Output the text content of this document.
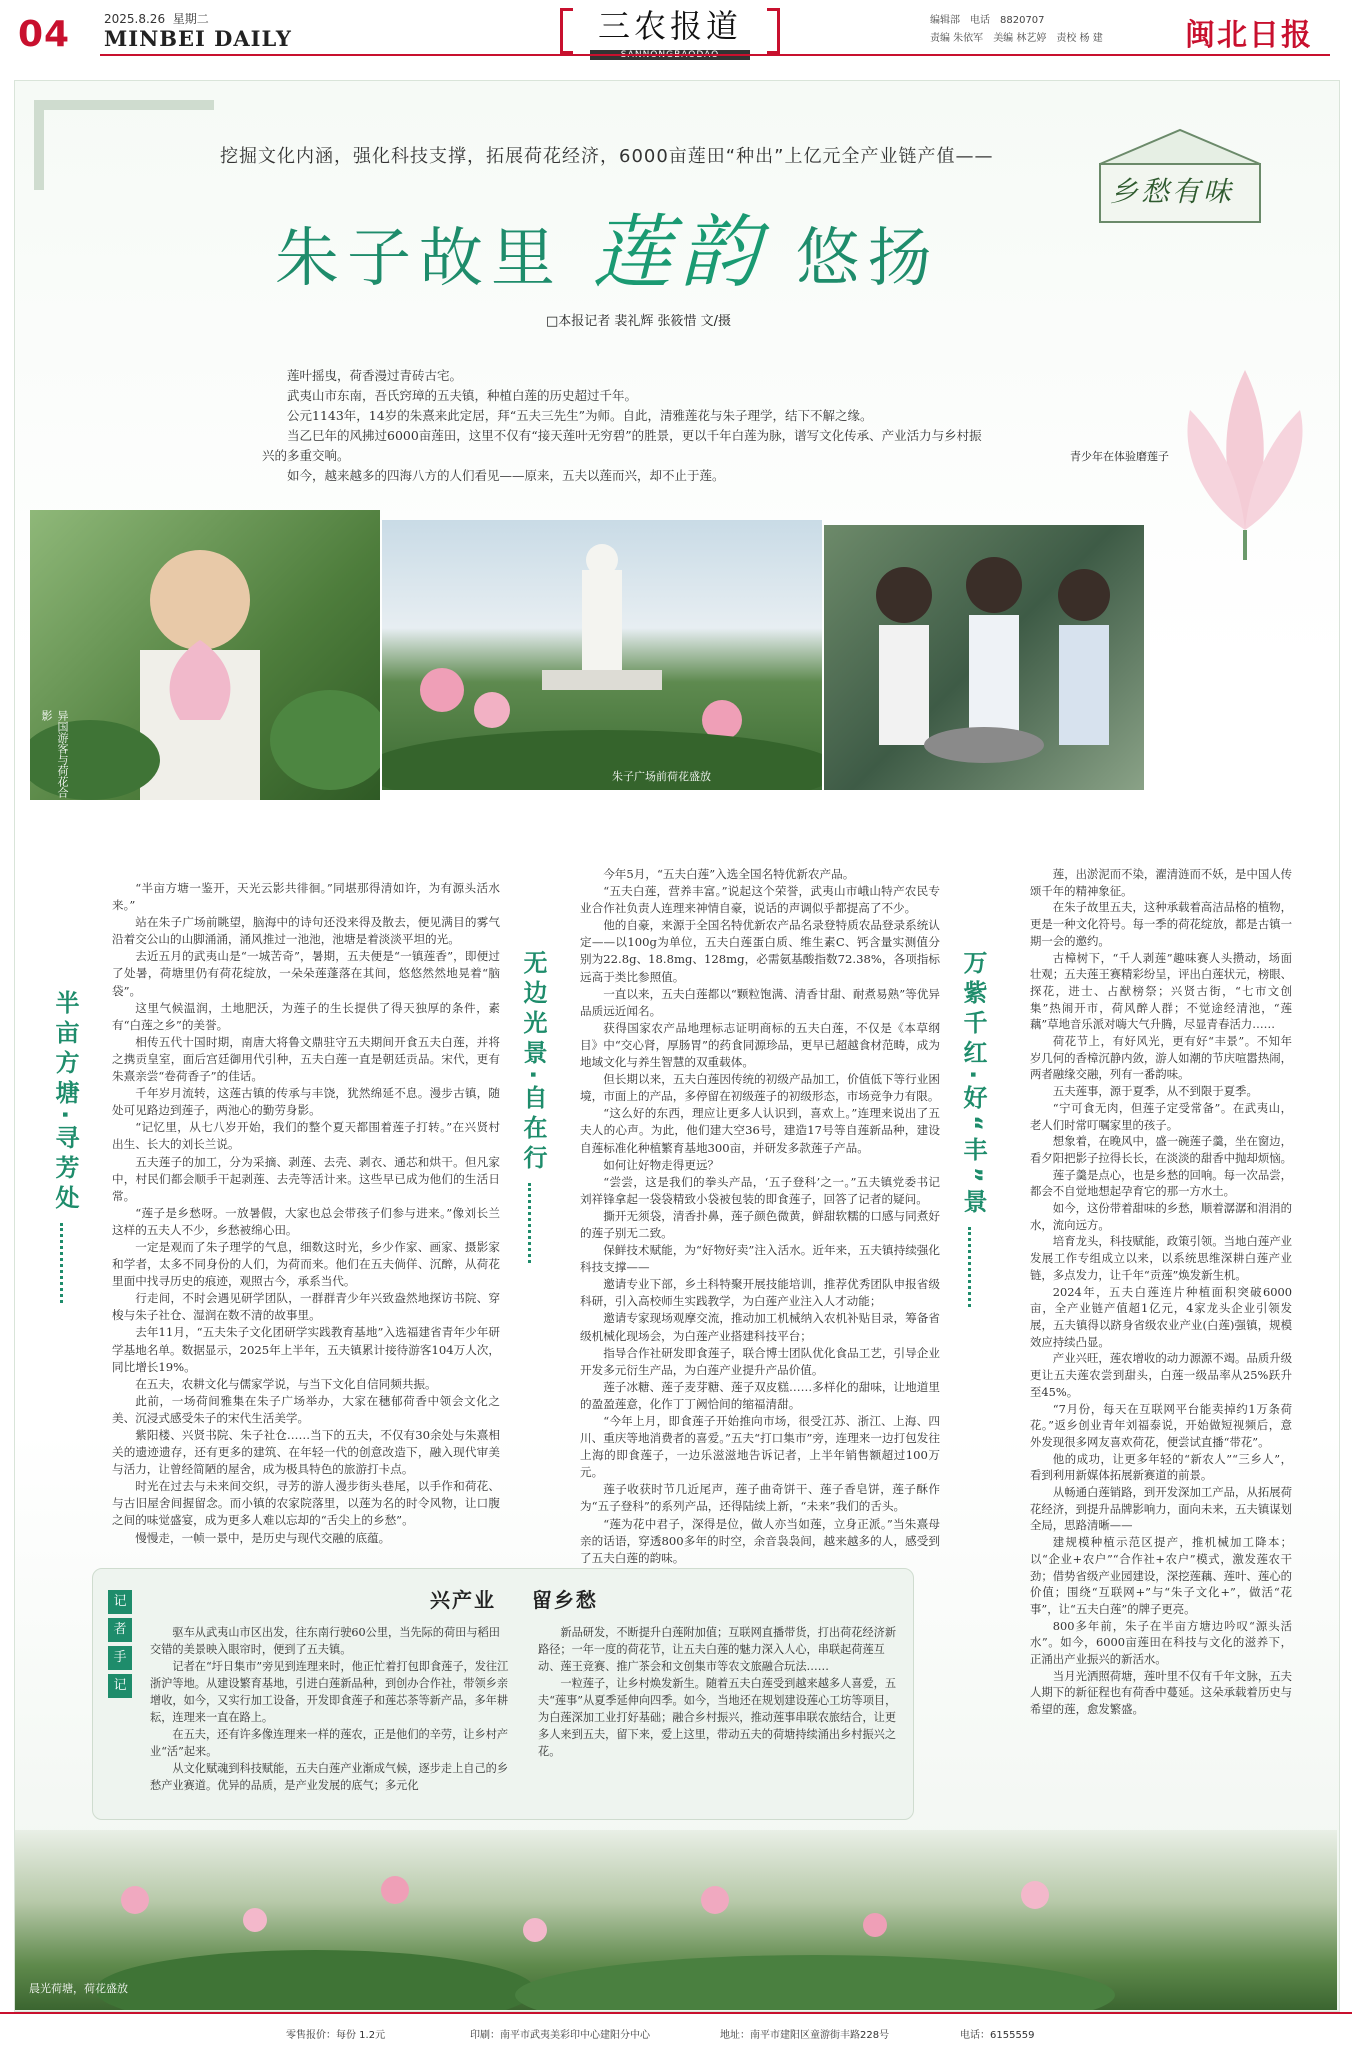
04	2025.8.26 星期二
MINBEI DAILY	三农报道	编辑部 电话 8820707
责编 朱依军 美编 林艺婷 责校 杨 建	闽北日报
挖掘文化内涵，强化科技支撑，拓展荷花经济，6000亩莲田“种出”上亿元全产业链产值——
朱子故里 莲韵 悠扬
□本报记者 裴礼辉 张筱惜 文/摄
乡愁有味

莲叶摇曳，荷香漫过青砖古宅。

武夷山市东南，吾氏窍璋的五夫镇，种植白莲的历史超过千年。

公元1143年，14岁的朱熹来此定居，拜“五夫三先生”为师。自此，清雅莲花与朱子理学，结下不解之缘。

当乙巳年的风拂过6000亩莲田，这里不仅有“接天莲叶无穷碧”的胜景，更以千年白莲为脉，谱写文化传承、产业活力与乡村振兴的多重交响。

如今，越来越多的四海八方的人们看见——原来，五夫以莲而兴，却不止于莲。

青少年在体验磨莲子
异国游客与荷花合影
朱子广场前荷花盛放
半亩方塘·寻芳处	无边光景·自在行	万紫千红·好“丰”景

“半亩方塘一鉴开，天光云影共徘徊。”同堪那得清如许，为有源头活水来。”

站在朱子广场前眺望，脑海中的诗句还没来得及散去，便见满目的雾气沿着交公山的山脚涌涌，涌风推过一池池，池塘是着淡淡平坦的光。

去近五月的武夷山是“一城苦奇”，暑期，五夫便是“一镇莲香”，即便过了处暑，荷塘里仍有荷花绽放，一朵朵莲蓬落在其间，悠悠然然地晃着“脑袋”。

这里气候温润，土地肥沃，为莲子的生长提供了得天独厚的条件，素有“白莲之乡”的美誉。

相传五代十国时期，南唐大将鲁文鼎驻守五夫期间开食五夫白莲，并将之携贡皇室，面后宫廷御用代引种，五夫白莲一直是朝廷贡品。宋代，更有朱熹亲尝“卷荷香子”的佳话。

千年岁月流转，这莲古镇的传承与丰饶，犹然绵延不息。漫步古镇，随处可见路边到莲子，两池心的勤劳身影。

“记忆里，从七八岁开始，我们的整个夏天都围着莲子打转。”在兴贤村出生、长大的刘长兰说。

五夫莲子的加工，分为采摘、剥莲、去壳、剥衣、通芯和烘干。但凡家中，村民们都会顺手干起剥莲、去壳等活计来。这些早已成为他们的生活日常。

“莲子是乡愁呀。一放暑假，大家也总会带孩子们参与进来。”像刘长兰这样的五夫人不少，乡愁被绵心田。

一定是观而了朱子理学的气息，细数这时光，乡少作家、画家、摄影家和学者，太多不同身份的人们，为荷而来。他们在五夫倘佯、沉醉，从荷花里面中找寻历史的痕迹，观照古今，承系当代。

行走间，不时会遇见研学团队，一群群青少年兴致盎然地探访书院、穿梭与朱子社仓、湿润在数不清的故事里。

去年11月，“五夫朱子文化团研学实践教育基地”入选福建省青年少年研学基地名单。数据显示，2025年上半年，五夫镇累计接待游客104万人次，同比增长19%。

在五夫，农耕文化与儒家学说，与当下文化自信同频共振。

此前，一场荷间雅集在朱子广场举办，大家在穗郁荷香中领会文化之美、沉浸式感受朱子的宋代生活美学。

紫阳楼、兴贤书院、朱子社仓……当下的五夫，不仅有30余处与朱熹相关的遗迹遗存，还有更多的建筑、在年轻一代的创意改造下，融入现代审美与活力，让曾经简陋的屋舍，成为极具特色的旅游打卡点。

时光在过去与未来间交织，寻芳的游人漫步街头巷尾，以手作和荷花、与古旧屋舍间握留念。而小镇的农家院落里，以莲为名的时令风物，让口腹之间的味觉盛宴，成为更多人难以忘却的“舌尖上的乡愁”。

慢慢走，一帧一景中，是历史与现代交融的底蕴。

今年5月，“五夫白莲”入选全国名特优新农产品。

“五夫白莲，营养丰富。”说起这个荣誉，武夷山市峨山特产农民专业合作社负责人连理来神情自豪，说话的声调似乎都提高了不少。

他的自豪，来源于全国名特优新农产品名录登特质农品登录系统认定——以100g为单位，五夫白莲蛋白质、维生素C、钙含量实测值分别为22.8g、18.8mg、128mg，必需氨基酸指数72.38%，各项指标远高于类比参照值。

一直以来，五夫白莲都以“颗粒饱满、清香甘甜、耐煮易熟”等优异品质远近闻名。

获得国家农产品地理标志证明商标的五夫白莲，不仅是《本草纲目》中“交心肾，厚肠胃”的药食同源珍品，更早已超越食材范畴，成为地域文化与养生智慧的双重载体。

但长期以来，五夫白莲因传统的初级产品加工，价值低下等行业困境，市面上的产品，多停留在初级莲子的初级形态，市场竞争力有限。

“这么好的东西，理应让更多人认识到，喜欢上。”连理来说出了五夫人的心声。为此，他们建大空36号，建造17号等自莲新品种，建设自莲标准化种植繁育基地300亩，并研发多款莲子产品。

如何让好物走得更远？

“尝尝，这是我们的拳头产品，‘五子登科’之一。”五夫镇党委书记刘祥锋拿起一袋袋精致小袋被包装的即食莲子，回答了记者的疑问。

撕开无须袋，清香扑鼻，莲子颜色微黄，鲜甜软糯的口感与同煮好的莲子别无二致。

保鲜技术赋能，为“好物好卖”注入活水。近年来，五夫镇持续强化科技支撑——

邀请专业下部，乡土科特聚开展技能培训，推荐优秀团队申报省级科研，引入高校师生实践教学，为白莲产业注入人才动能；

邀请专家现场观摩交流，推动加工机械纳入农机补贴目录，筹备省级机械化现场会，为白莲产业搭建科技平台；

指导合作社研发即食莲子，联合博士团队优化食品工艺，引导企业开发多元衍生产品，为白莲产业提升产品价值。

莲子冰糖、莲子麦芽糖、莲子双皮糕……多样化的甜味，让地道里的盈盈莲意，化作丁丁阙恰间的缩福清甜。

“今年上月，即食莲子开始推向市场，很受江苏、浙江、上海、四川、重庆等地消费者的喜爱。”五夫“打口集市”旁，连理来一边打包发往上海的即食莲子，一边乐滋滋地告诉记者，上半年销售额超过100万元。

莲子收获时节几近尾声，莲子曲奇饼干、莲子香皂饼，莲子酥作为“五子登科”的系列产品，还得陆续上新，“未来”我们的舌头。

“莲为花中君子，深得是位，做人亦当如莲，立身正派。”当朱熹母亲的话语，穿透800多年的时空，余音袅袅间，越来越多的人，感受到了五夫白莲的韵味。

莲，出淤泥而不染，濯清涟而不妖，是中国人传颂千年的精神象征。

在朱子故里五夫，这种承载着高洁品格的植物，更是一种文化符号。每一季的荷花绽放，都是古镇一期一会的邀约。

古樟树下，“千人剥莲”趣味赛人头攒动，场面壮观；五夫莲王赛精彩纷呈，评出白莲状元，榜眼、探花，进士、占猷榜祭；兴贤古街，“七市文创集”热闹开市，荷风醉人群；不觉途经清池，“莲藕”草地音乐派对嗨大气升腾，尽显青春活力……

荷花节上，有好风光，更有好“丰景”。不知年岁几何的香樟沉静内敛，游人如潮的节庆喧嚣热闹，两者融缘交融，列有一番韵味。

五夫莲事，源于夏季，从不到限于夏季。

“宁可食无肉，但莲子定受常备”。在武夷山，老人们时常叮嘱家里的孩子。

想象着，在晚风中，盛一碗莲子羹，坐在窗边，看夕阳把影子拉得长长，在淡淡的甜香中抛却烦恼。

莲子羹是点心，也是乡愁的回响。每一次品尝，都会不自觉地想起孕育它的那一方水土。

如今，这份带着甜味的乡愁，顺着潺潺和涓涓的水，流向远方。

培育龙头，科技赋能，政策引领。当地白莲产业发展工作专组成立以来，以系统思维深耕白莲产业链，多点发力，让千年“贡莲”焕发新生机。

2024年，五夫白莲连片种植面积突破6000亩，全产业链产值超1亿元，4家龙头企业引领发展，五夫镇得以跻身省级农业产业(白莲)强镇，规模效应持续凸显。

产业兴旺，莲农增收的动力源源不竭。品质升级更让五夫莲农尝到甜头，白莲一级品率从25%跃升至45%。

“7月份，每天在互联网平台能卖掉约1万条荷花。”返乡创业青年刘福泰说，开始做短视频后，意外发现很多网友喜欢荷花，便尝试直播“带花”。

他的成功，让更多年轻的“新农人”“三乡人”，看到利用新媒体拓展新赛道的前景。

从畅通白莲销路，到开发深加工产品，从拓展荷花经济，到提升品牌影响力，面向未来，五夫镇谋划全局，思路清晰——

建规模种植示范区提产，推机械加工降本；以“企业+农户”“合作社+农户”模式，激发莲农干劲；借势省级产业园建设，深挖莲藕、莲叶、莲心的价值；围绕“互联网+”与“朱子文化+”，做活“花事”，让“五夫白莲”的牌子更亮。

800多年前，朱子在半亩方塘边吟叹“源头活水”。如今，6000亩莲田在科技与文化的滋养下，正涌出产业振兴的新活水。

当月光洒照荷塘，莲叶里不仅有千年文脉，五夫人期下的新征程也有荷香中蔓延。这朵承载着历史与希望的莲，愈发繁盛。

记
者
手
记
兴产业 留乡愁

驱车从武夷山市区出发，往东南行驶60公里，当先际的荷田与稻田交错的美景映入眼帘时，便到了五夫镇。

记者在“圩日集市”旁见到连理来时，他正忙着打包即食莲子，发往江浙沪等地。从建设繁育基地，引进白莲新品种，到创办合作社，带领乡亲增收，如今，又实行加工设备，开发即食莲子和莲芯茶等新产品，多年耕耘，连理来一直在路上。

在五夫，还有许多像连理来一样的莲农，正是他们的辛劳，让乡村产业“活”起来。

从文化赋魂到科技赋能，五夫白莲产业渐成气候，逐步走上自己的乡愁产业赛道。优异的品质，是产业发展的底气；多元化

新品研发，不断提升白莲附加值；互联网直播带货，打出荷花经济新路径；一年一度的荷花节，让五夫白莲的魅力深入人心，串联起荷莲互动、莲王竞赛、推广茶会和文创集市等农文旅融合玩法……

一粒莲子，让乡村焕发新生。随着五夫白莲受到越来越多人喜爱，五夫“莲事”从夏季延伸向四季。如今，当地还在规划建设莲心工坊等项目，为白莲深加工业打好基础；融合乡村振兴，推动莲事串联农旅结合，让更多人来到五夫，留下来，爱上这里，带动五夫的荷塘持续涌出乡村振兴之花。

晨光荷塘，荷花盛放
零售报价：每份 1.2元	印刷：南平市武夷美彩印中心建阳分中心	地址：南平市建阳区童游街丰路228号	电话：6155559
